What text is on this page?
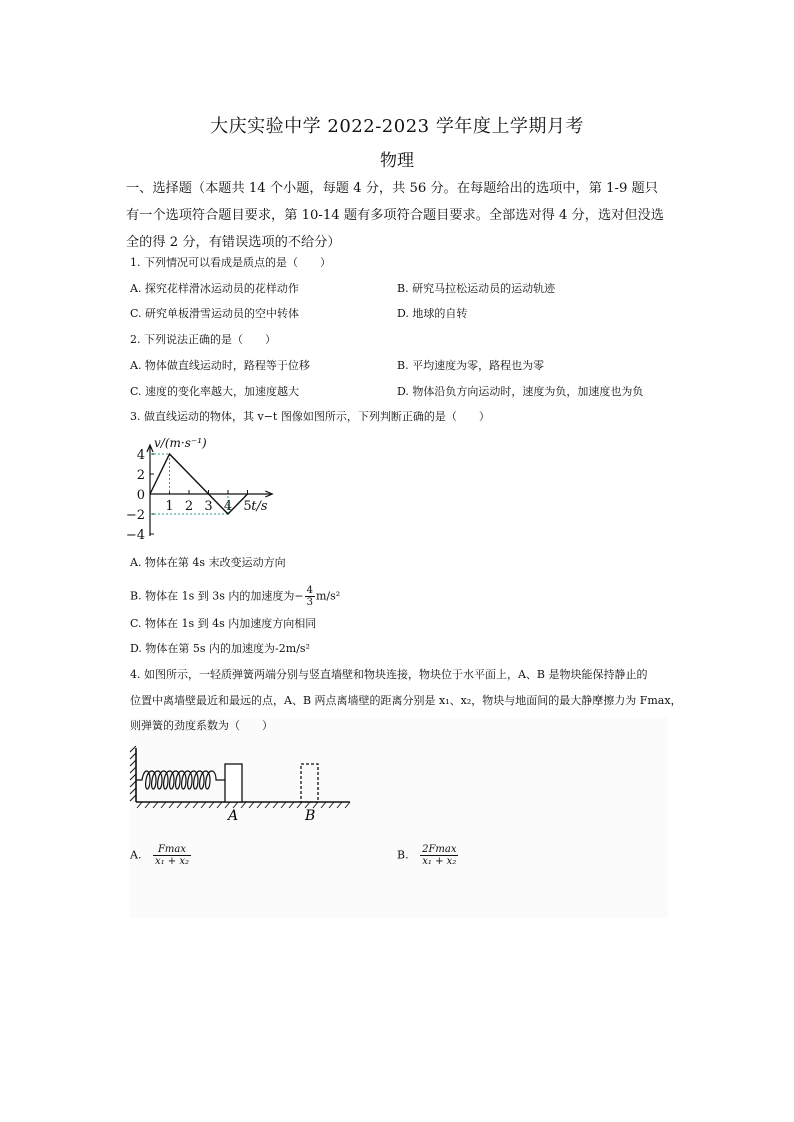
大庆实验中学 2022-2023 学年度上学期月考
物理
一、选择题（本题共 14 个小题，每题 4 分，共 56 分。在每题给出的选项中，第 1-9 题只有一个选项符合题目要求，第 10-14 题有多项符合题目要求。全部选对得 4 分，选对但没选全的得 2 分，有错误选项的不给分）
1. 下列情况可以看成是质点的是（　　）
A. 探究花样滑冰运动员的花样动作	B. 研究马拉松运动员的运动轨迹
C. 研究单板滑雪运动员的空中转体	D. 地球的自转
2. 下列说法正确的是（　　）
A. 物体做直线运动时，路程等于位移	B. 平均速度为零，路程也为零
C. 速度的变化率越大，加速度越大	D. 物体沿负方向运动时，速度为负，加速度也为负
3. 做直线运动的物体，其 v−t 图像如图所示，下列判断正确的是（　　）
4
2
0
−2
−4
1 2 3 4 5
v/(m·s⁻¹)
t/s
A. 物体在第 4s 末改变运动方向
B. 物体在 1s 到 3s 内的加速度为− $\frac{4}{3} m/s^2$
C. 物体在 1s 到 4s 内加速度方向相同
D. 物体在第 5s 内的加速度为-2m/s²
4. 如图所示，一轻质弹簧两端分别与竖直墙壁和物块连接，物块位于水平面上，A、B 是物块能保持静止的
位置中离墙壁最近和最远的点，A、B 两点离墙壁的距离分别是 x₁、x₂，物块与地面间的最大静摩擦力为 Fmax，
则弹簧的劲度系数为（　　）
A	B
A. $\frac{Fmax}{\text{x₁ + x₂}}$	B. $\frac{2Fmax}{\text{x₁ + x₂}}$
